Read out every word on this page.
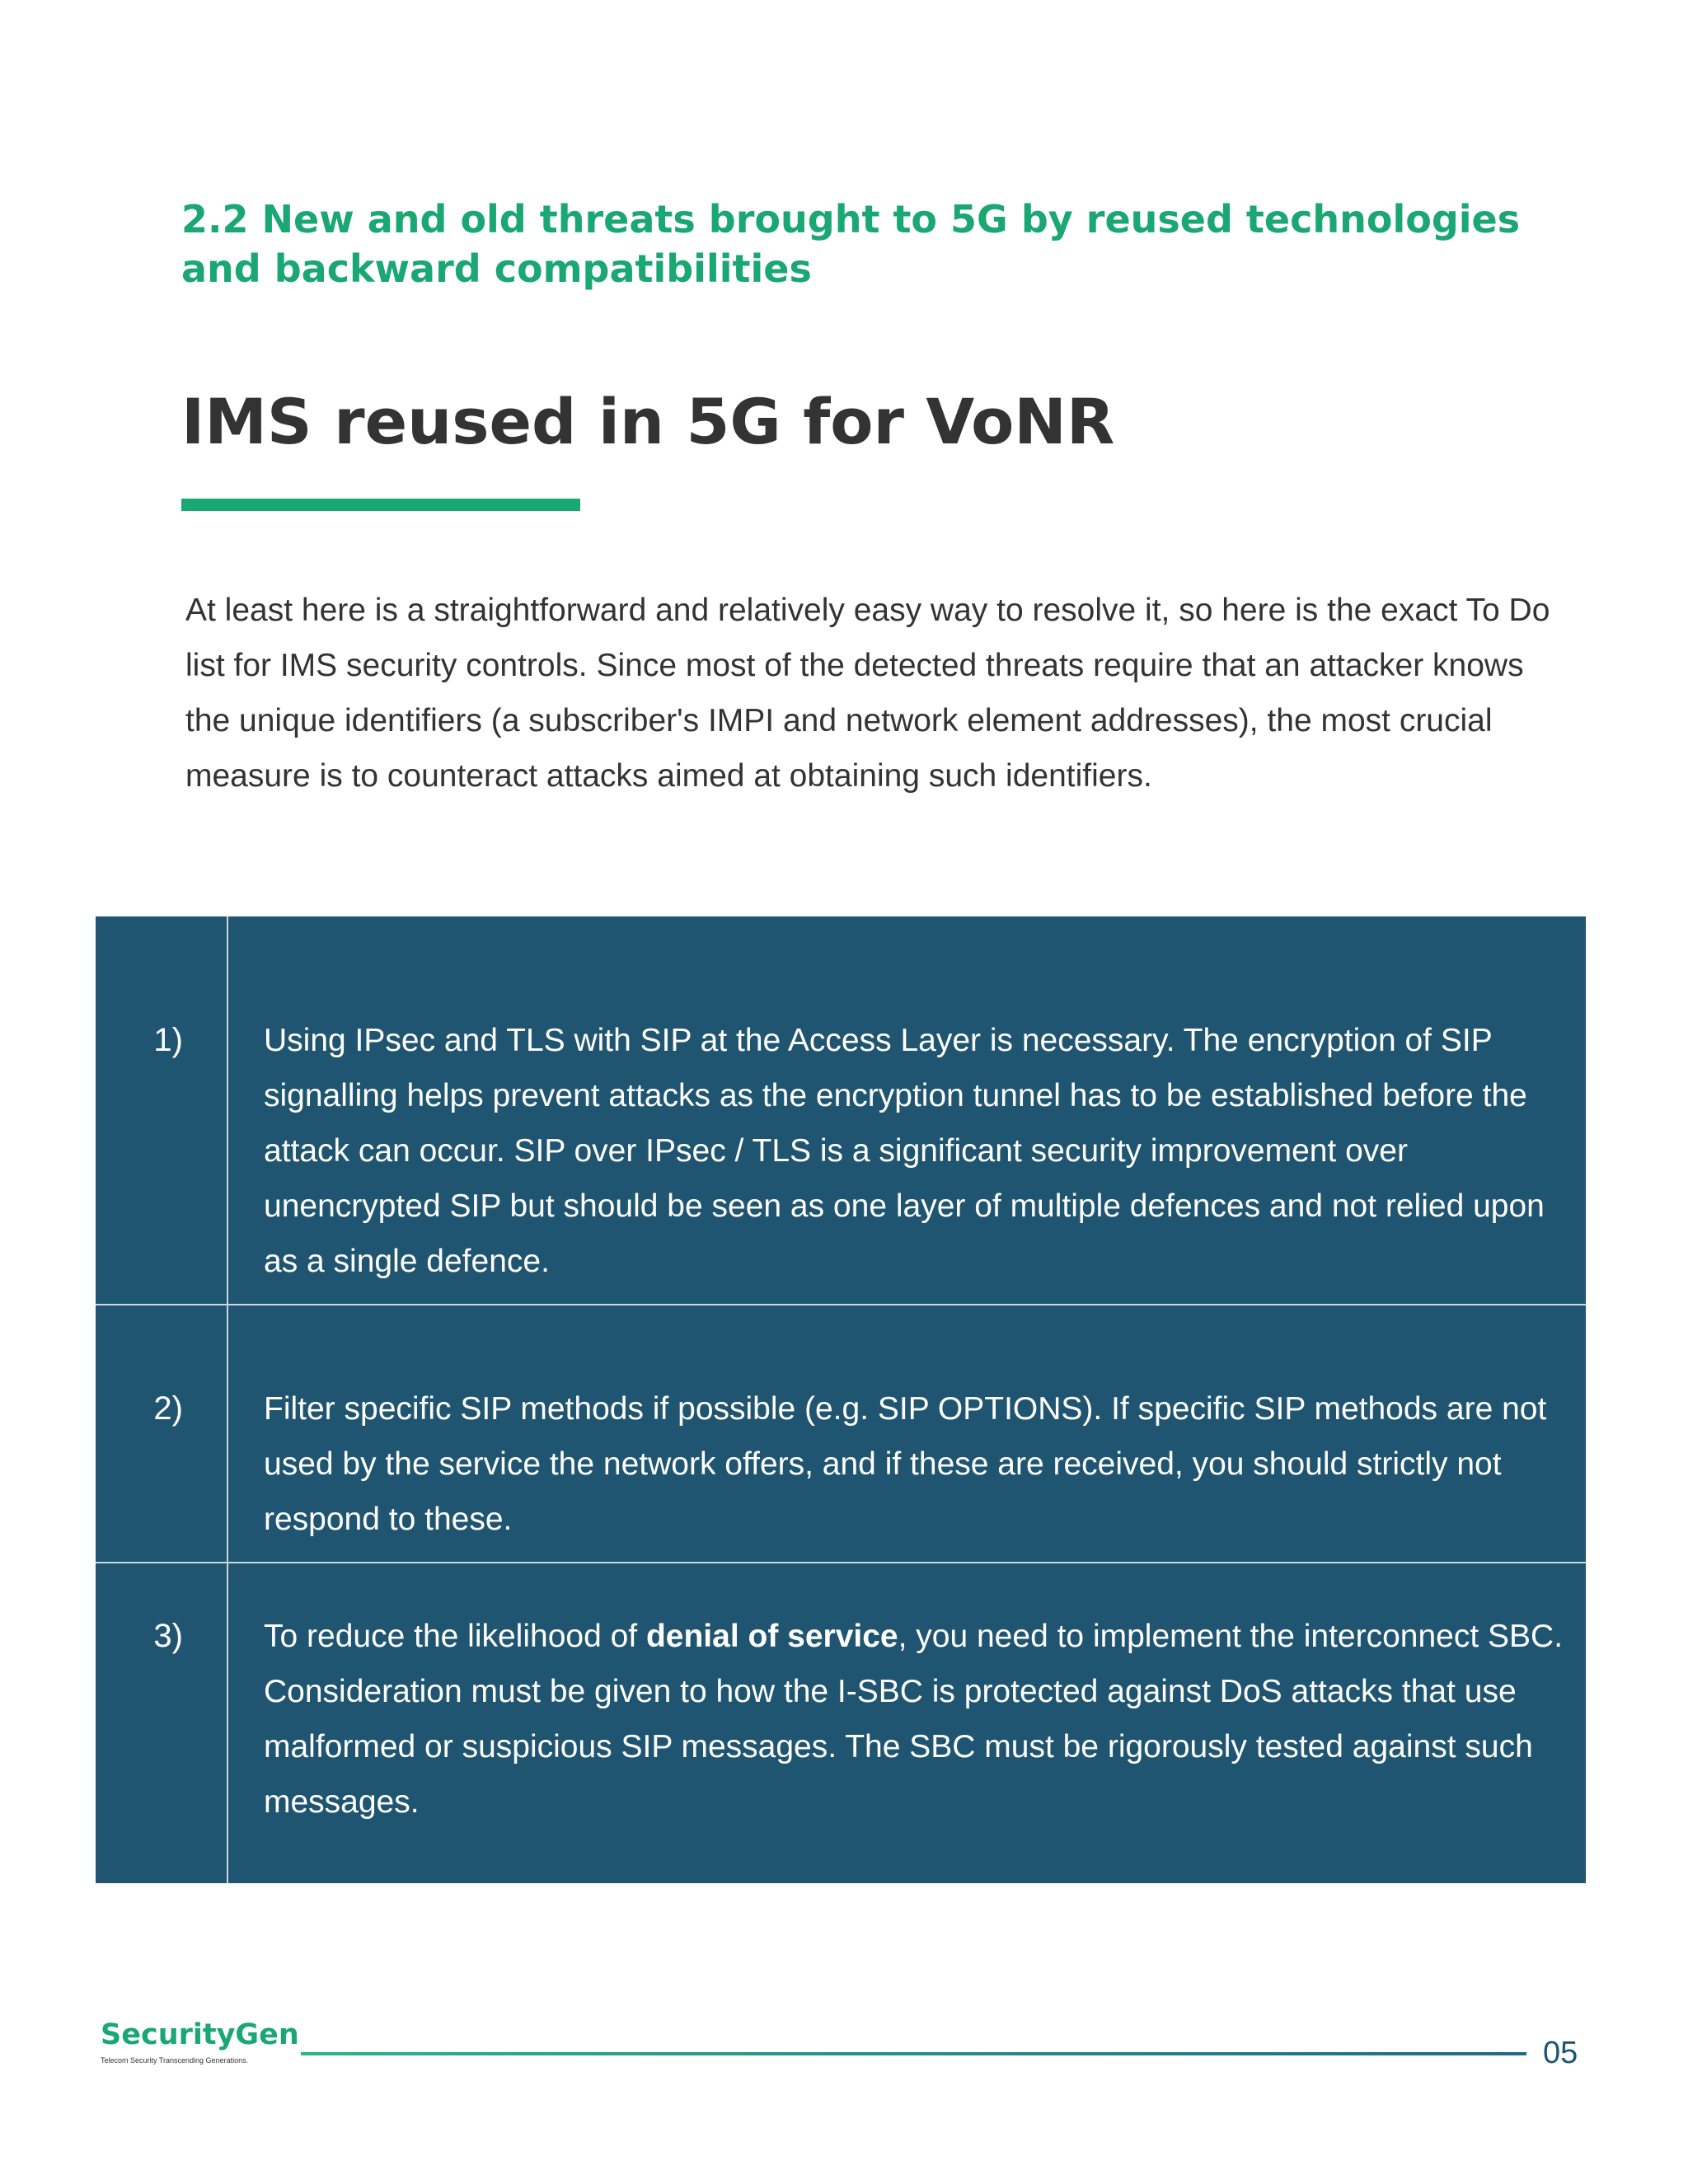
2.2 New and old threats brought to 5G by reused technologies and backward compatibilities
IMS reused in 5G for VoNR

At least here is a straightforward and relatively easy way to resolve it, so here is the exact To Do list for IMS security controls. Since most of the detected threats require that an attacker knows the unique identifiers (a subscriber's IMPI and network element addresses), the most crucial measure is to counteract attacks aimed at obtaining such identifiers.

1)	Using IPsec and TLS with SIP at the Access Layer is necessary. The encryption of SIP signalling helps prevent attacks as the encryption tunnel has to be established before the attack can occur. SIP over IPsec / TLS is a significant security improvement over unencrypted SIP but should be seen as one layer of multiple defences and not relied upon as a single defence.

2)	Filter specific SIP methods if possible (e.g. SIP OPTIONS). If specific SIP methods are not used by the service the network offers, and if these are received, you should strictly not respond to these.

3)	To reduce the likelihood of denial of service, you need to implement the interconnect SBC. Consideration must be given to how the I-SBC is protected against DoS attacks that use malformed or suspicious SIP messages. The SBC must be rigorously tested against such messages.

SecurityGen
Telecom Security Transcending Generations.	05
